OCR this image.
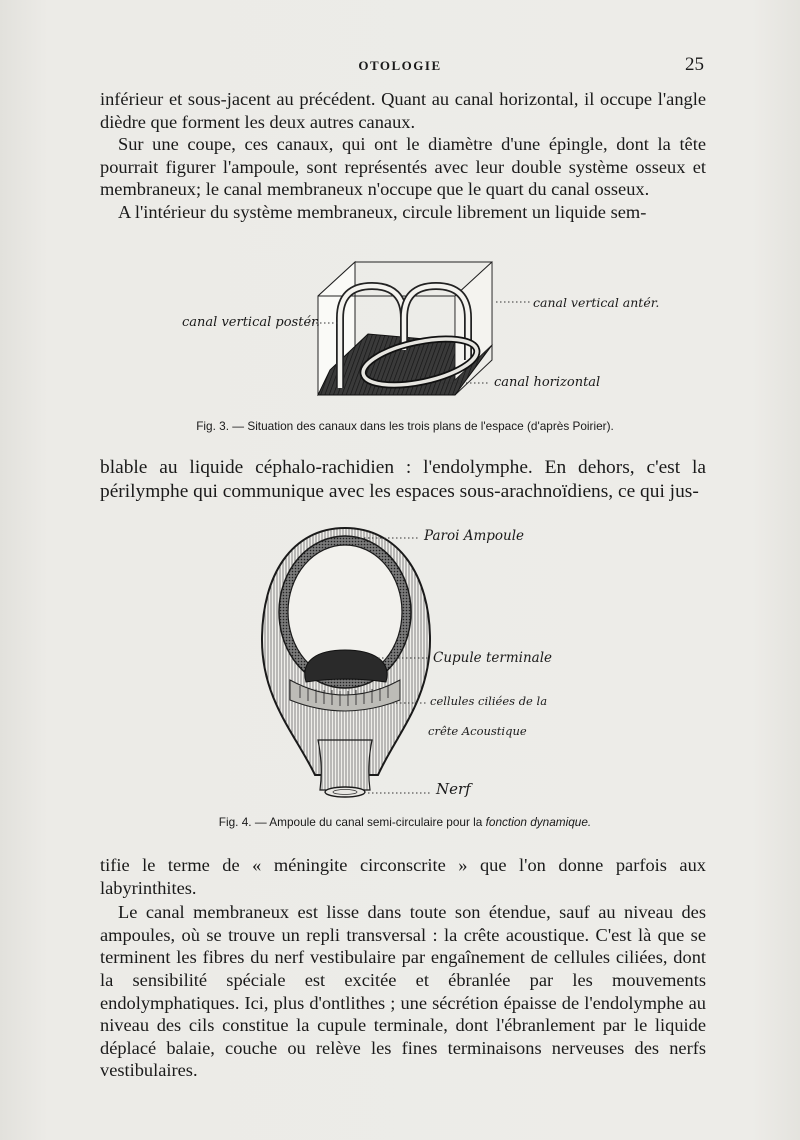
OTOLOGIE	25

inférieur et sous-jacent au précédent. Quant au canal horizontal, il occupe l'angle dièdre que forment les deux autres canaux.

Sur une coupe, ces canaux, qui ont le diamètre d'une épingle, dont la tête pourrait figurer l'ampoule, sont représentés avec leur double système osseux et membraneux; le canal membraneux n'occupe que le quart du canal osseux.

A l'intérieur du système membraneux, circule librement un liquide sem-

canal vertical antér.
canal vertical postér.
canal horizontal
Fig. 3. — Situation des canaux dans les trois plans de l'espace (d'après Poirier).

blable au liquide céphalo-rachidien : l'endolymphe. En dehors, c'est la périlymphe qui communique avec les espaces sous-arachnoïdiens, ce qui jus-

Paroi Ampoule
Cupule terminale
cellules ciliées de la
crête Acoustique
Nerf
Fig. 4. — Ampoule du canal semi-circulaire pour la fonction dynamique.

tifie le terme de « méningite circonscrite » que l'on donne parfois aux labyrinthites.

Le canal membraneux est lisse dans toute son étendue, sauf au niveau des ampoules, où se trouve un repli transversal : la crête acoustique. C'est là que se terminent les fibres du nerf vestibulaire par engaînement de cellules ciliées, dont la sensibilité spéciale est excitée et ébranlée par les mouvements endolymphatiques. Ici, plus d'ontlithes ; une sécrétion épaisse de l'endolymphe au niveau des cils constitue la cupule terminale, dont l'ébranlement par le liquide déplacé balaie, couche ou relève les fines terminaisons nerveuses des nerfs vestibulaires.
